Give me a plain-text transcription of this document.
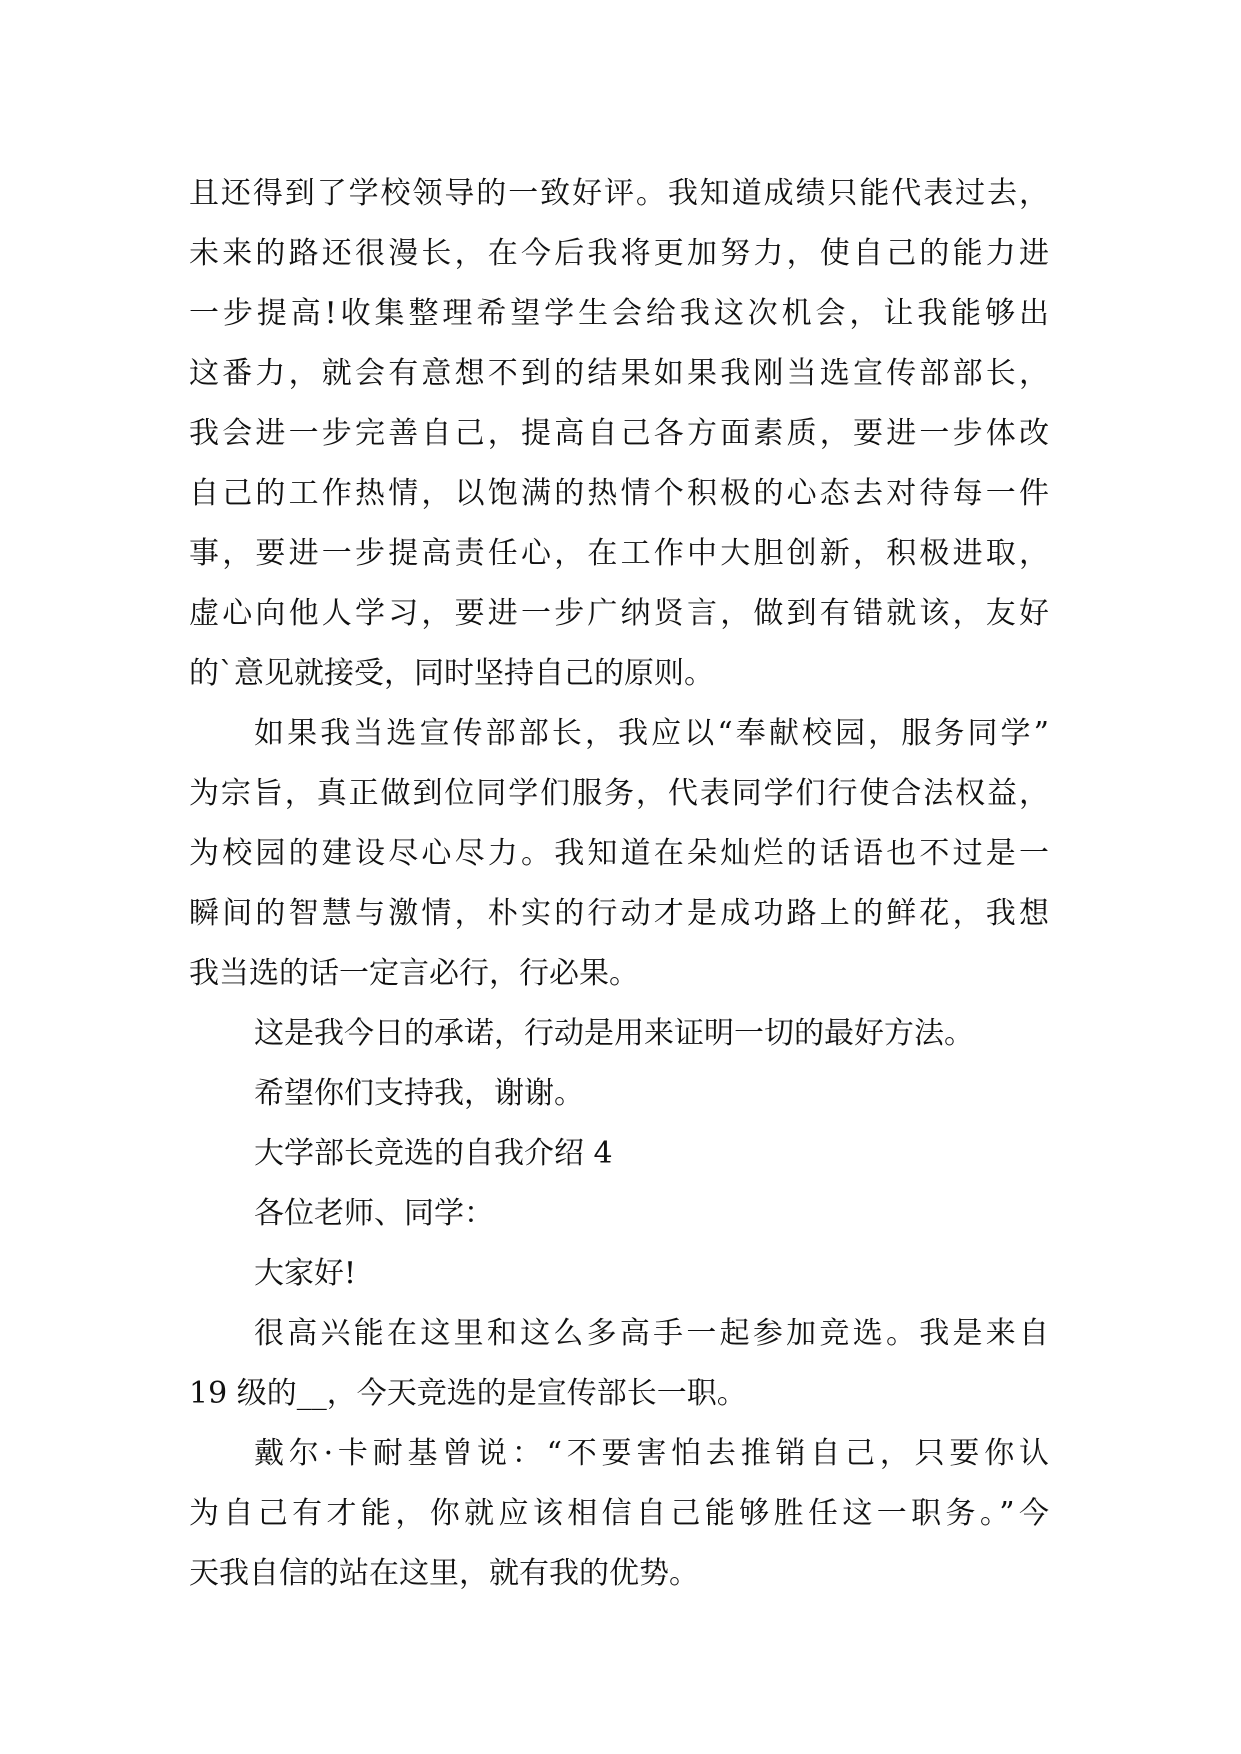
且还得到了学校领导的一致好评。我知道成绩只能代表过去，
未来的路还很漫长，在今后我将更加努力，使自己的能力进
一步提高!收集整理希望学生会给我这次机会，让我能够出
这番力，就会有意想不到的结果如果我刚当选宣传部部长，
我会进一步完善自己，提高自己各方面素质，要进一步体改
自己的工作热情，以饱满的热情个积极的心态去对待每一件
事，要进一步提高责任心，在工作中大胆创新，积极进取，
虚心向他人学习，要进一步广纳贤言，做到有错就该，友好
的`意见就接受，同时坚持自己的原则。
如果我当选宣传部部长，我应以“奉献校园，服务同学”
为宗旨，真正做到位同学们服务，代表同学们行使合法权益，
为校园的建设尽心尽力。我知道在朵灿烂的话语也不过是一
瞬间的智慧与激情，朴实的行动才是成功路上的鲜花，我想
我当选的话一定言必行，行必果。
这是我今日的承诺，行动是用来证明一切的最好方法。
希望你们支持我，谢谢。
大学部长竞选的自我介绍 4
各位老师、同学：
大家好!
很高兴能在这里和这么多高手一起参加竞选。我是来自
19 级的__，今天竞选的是宣传部长一职。
戴尔·卡耐基曾说：“不要害怕去推销自己，只要你认
为自己有才能，你就应该相信自己能够胜任这一职务。”今
天我自信的站在这里，就有我的优势。
